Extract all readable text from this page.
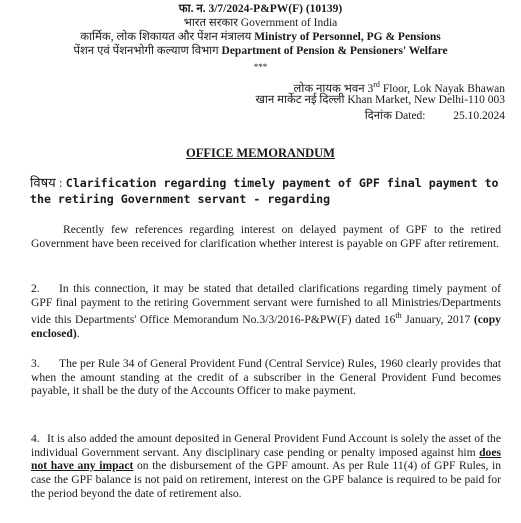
फा. न. 3/7/2024-P&PW(F) (10139)
भारत सरकार Government of India
कार्मिक, लोक शिकायत और पेंशन मंत्रालय Ministry of Personnel, PG & Pensions
पेंशन एवं पेंशनभोगी कल्याण विभाग Department of Pension & Pensioners' Welfare
***
लोक नायक भवन 3rd Floor, Lok Nayak Bhawan
खान मार्केट नई दिल्ली Khan Market, New Delhi-110 003
दिनांक Dated: 25.10.2024
OFFICE MEMORANDUM
विषय : Clarification regarding timely payment of GPF final payment to the retiring Government servant - regarding
Recently few references regarding interest on delayed payment of GPF to the retired Government have been received for clarification whether interest is payable on GPF after retirement.
2. In this connection, it may be stated that detailed clarifications regarding timely payment of GPF final payment to the retiring Government servant were furnished to all Ministries/Departments vide this Departments' Office Memorandum No.3/3/2016-P&PW(F) dated 16th January, 2017 (copy enclosed).
3. The per Rule 34 of General Provident Fund (Central Service) Rules, 1960 clearly provides that when the amount standing at the credit of a subscriber in the General Provident Fund becomes payable, it shall be the duty of the Accounts Officer to make payment.
4. It is also added the amount deposited in General Provident Fund Account is solely the asset of the individual Government servant. Any disciplinary case pending or penalty imposed against him does not have any impact on the disbursement of the GPF amount. As per Rule 11(4) of GPF Rules, in case the GPF balance is not paid on retirement, interest on the GPF balance is required to be paid for the period beyond the date of retirement also.
